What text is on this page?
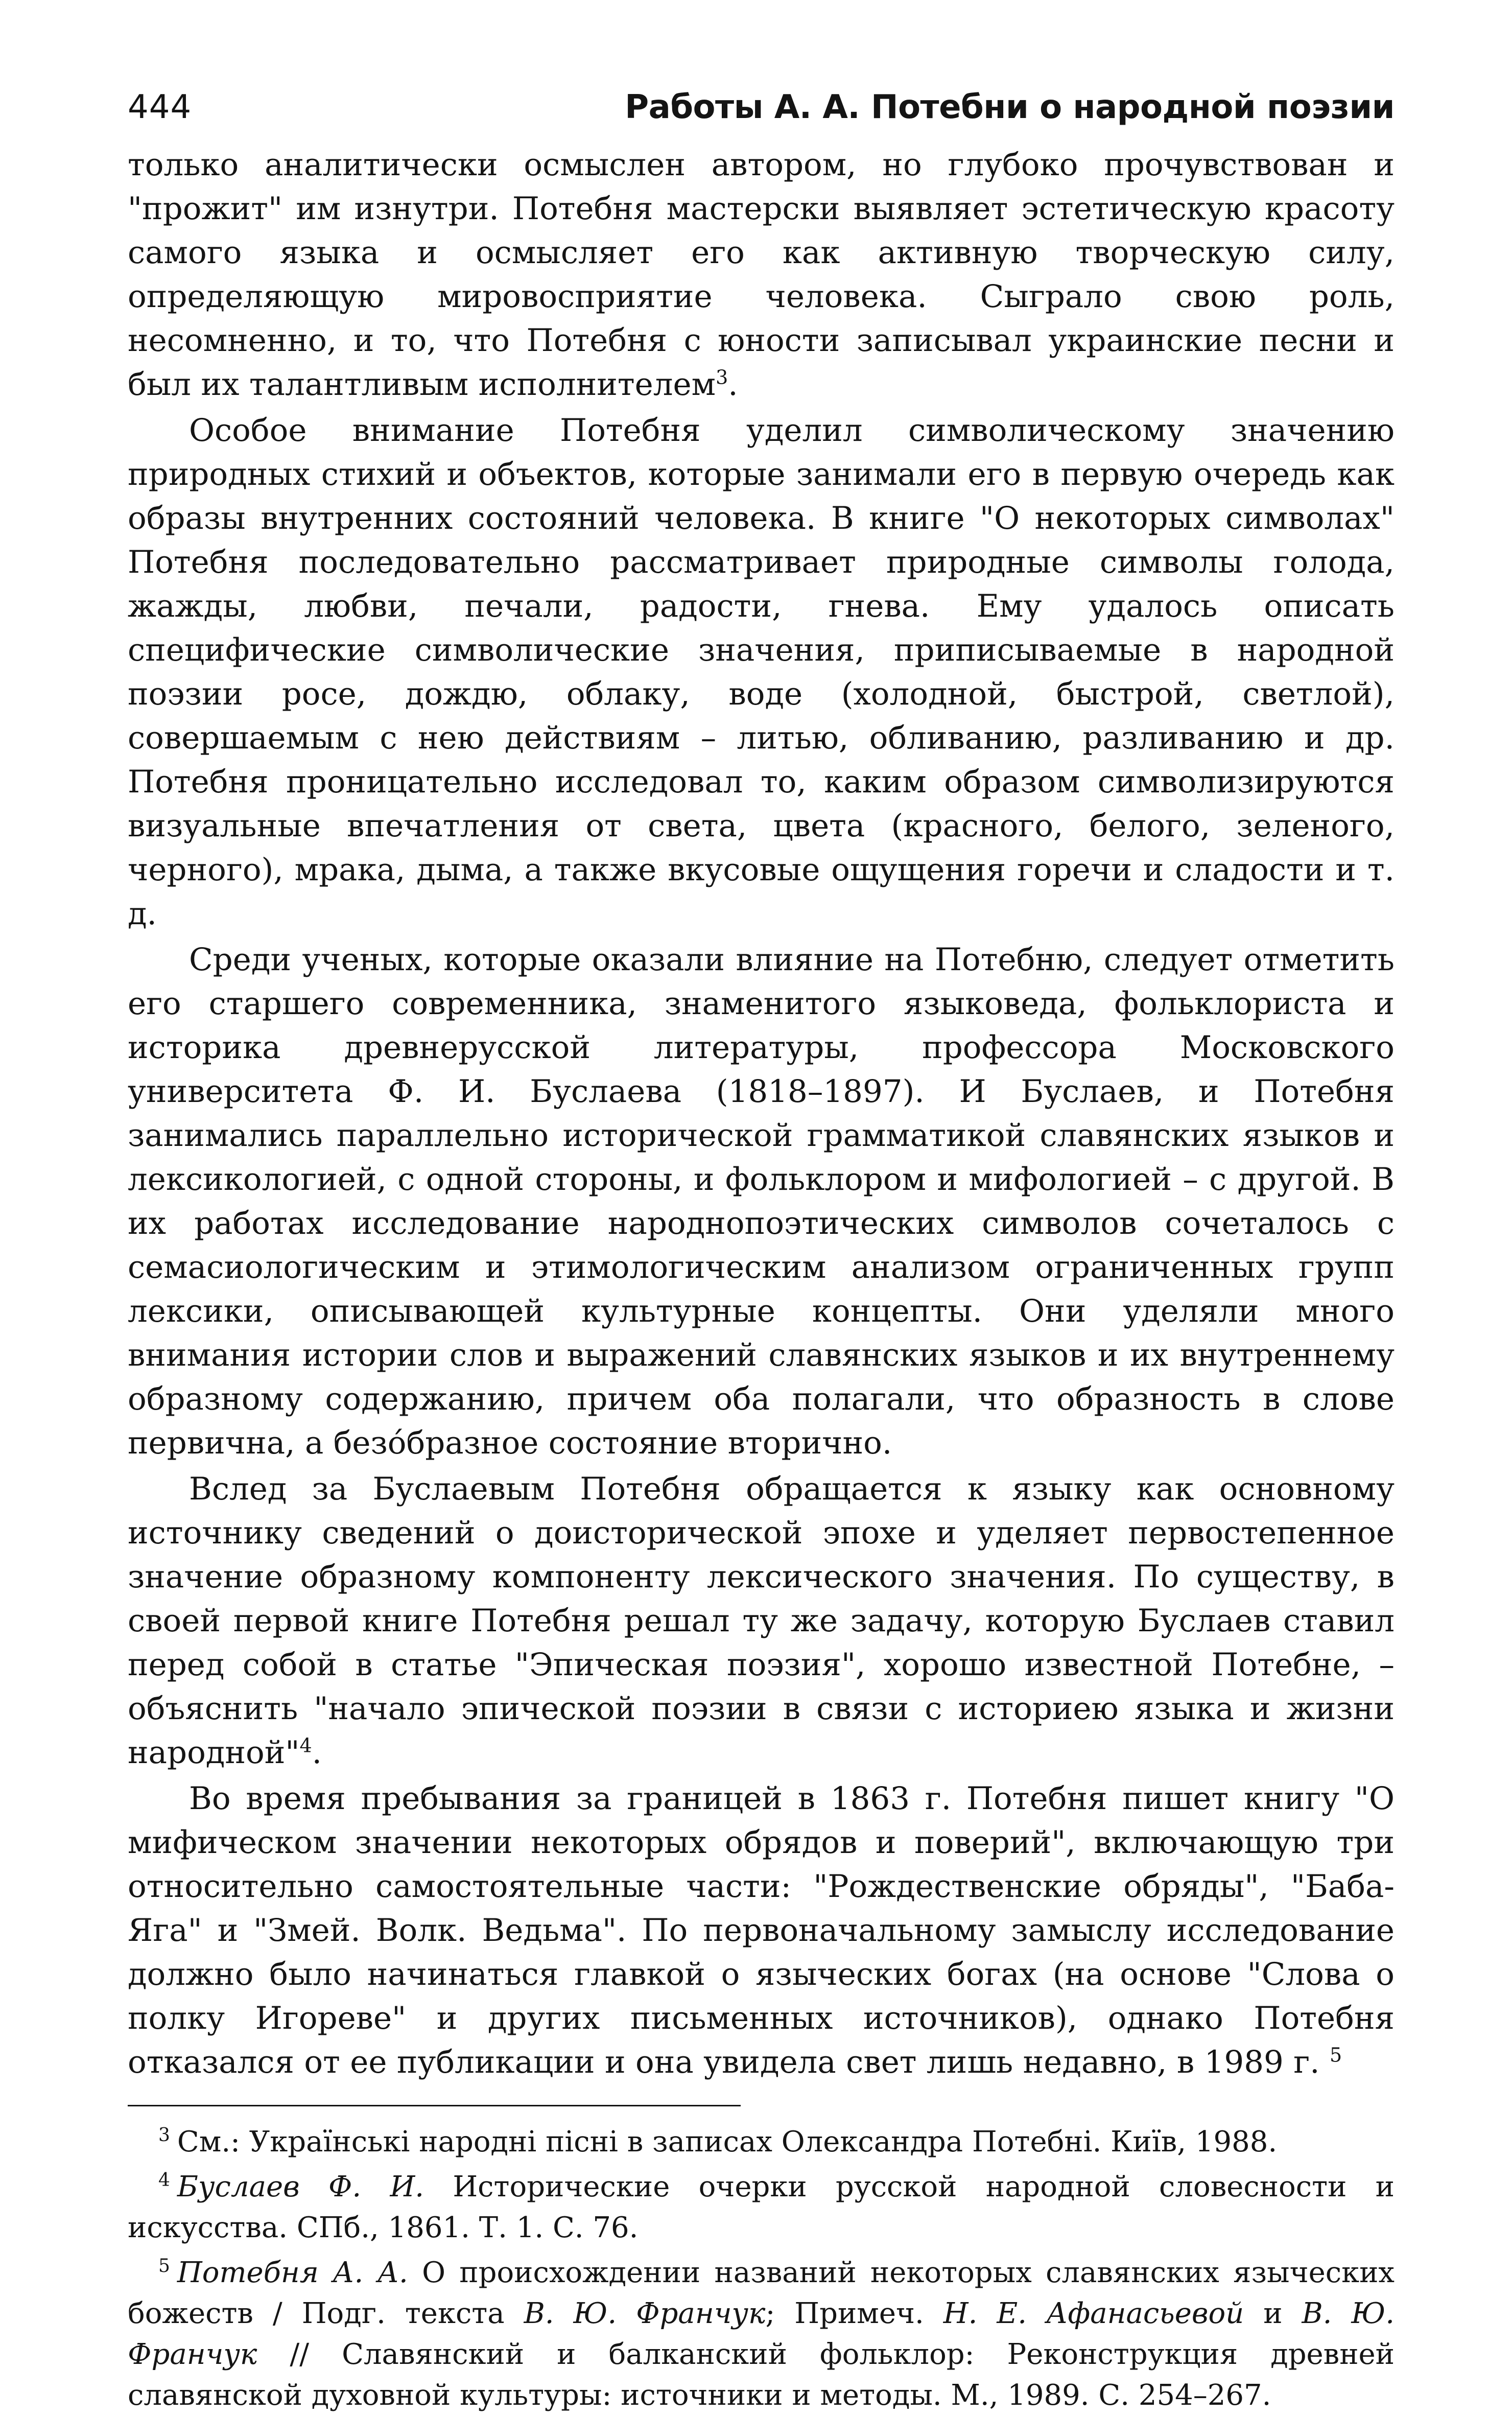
444	Работы А. А. Потебни о народной поэзии

только аналитически осмыслен автором, но глубоко прочувствован и "прожит" им изнутри. Потебня мастерски выявляет эстетическую красоту самого языка и осмысляет его как активную творческую силу, определяющую мировосприятие человека. Сыграло свою роль, несомненно, и то, что Потебня с юности записывал украинские песни и был их талантливым исполнителем$^3$.

Особое внимание Потебня уделил символическому значению природных стихий и объектов, которые занимали его в первую очередь как образы внутренних состояний человека. В книге "О некоторых символах" Потебня последовательно рассматривает природные символы голода, жажды, любви, печали, радости, гнева. Ему удалось описать специфические символические значения, приписываемые в народной поэзии росе, дождю, облаку, воде (холодной, быстрой, светлой), совершаемым с нею действиям – литью, обливанию, разливанию и др. Потебня проницательно исследовал то, каким образом символизируются визуальные впечатления от света, цвета (красного, белого, зеленого, черного), мрака, дыма, а также вкусовые ощущения горечи и сладости и т. д.

Среди ученых, которые оказали влияние на Потебню, следует отметить его старшего современника, знаменитого языковеда, фольклориста и историка древнерусской литературы, профессора Московского университета Ф. И. Буслаева (1818–1897). И Буслаев, и Потебня занимались параллельно исторической грамматикой славянских языков и лексикологией, с одной стороны, и фольклором и мифологией – с другой. В их работах исследование народнопоэтических символов сочеталось с семасиологическим и этимологическим анализом ограниченных групп лексики, описывающей культурные концепты. Они уделяли много внимания истории слов и выражений славянских языков и их внутреннему образному содержанию, причем оба полагали, что образность в слове первична, а безóбразное состояние вторично.

Вслед за Буслаевым Потебня обращается к языку как основному источнику сведений о доисторической эпохе и уделяет первостепенное значение образному компоненту лексического значения. По существу, в своей первой книге Потебня решал ту же задачу, которую Буслаев ставил перед собой в статье "Эпическая поэзия", хорошо известной Потебне, – объяснить "начало эпической поэзии в связи с историею языка и жизни народной"$^4$.

Во время пребывания за границей в 1863 г. Потебня пишет книгу "О мифическом значении некоторых обрядов и поверий", включающую три относительно самостоятельные части: "Рождественские обряды", "Баба-Яга" и "Змей. Волк. Ведьма". По первоначальному замыслу исследование должно было начинаться главкой о языческих богах (на основе "Слова о полку Игореве" и других письменных источников), однако Потебня отказался от ее публикации и она увидела свет лишь недавно, в 1989 г. $^5$

$^3$ См.: Українські народні пісні в записах Олександра Потебні. Київ, 1988.

$^4$ Буслаев Ф. И. Исторические очерки русской народной словесности и искусства. СПб., 1861. Т. 1. С. 76.

$^5$ Потебня А. А. О происхождении названий некоторых славянских языческих божеств / Подг. текста В. Ю. Франчук; Примеч. Н. Е. Афанасьевой и В. Ю. Франчук // Славянский и балканский фольклор: Реконструкция древней славянской духовной культуры: источники и методы. М., 1989. С. 254–267.
